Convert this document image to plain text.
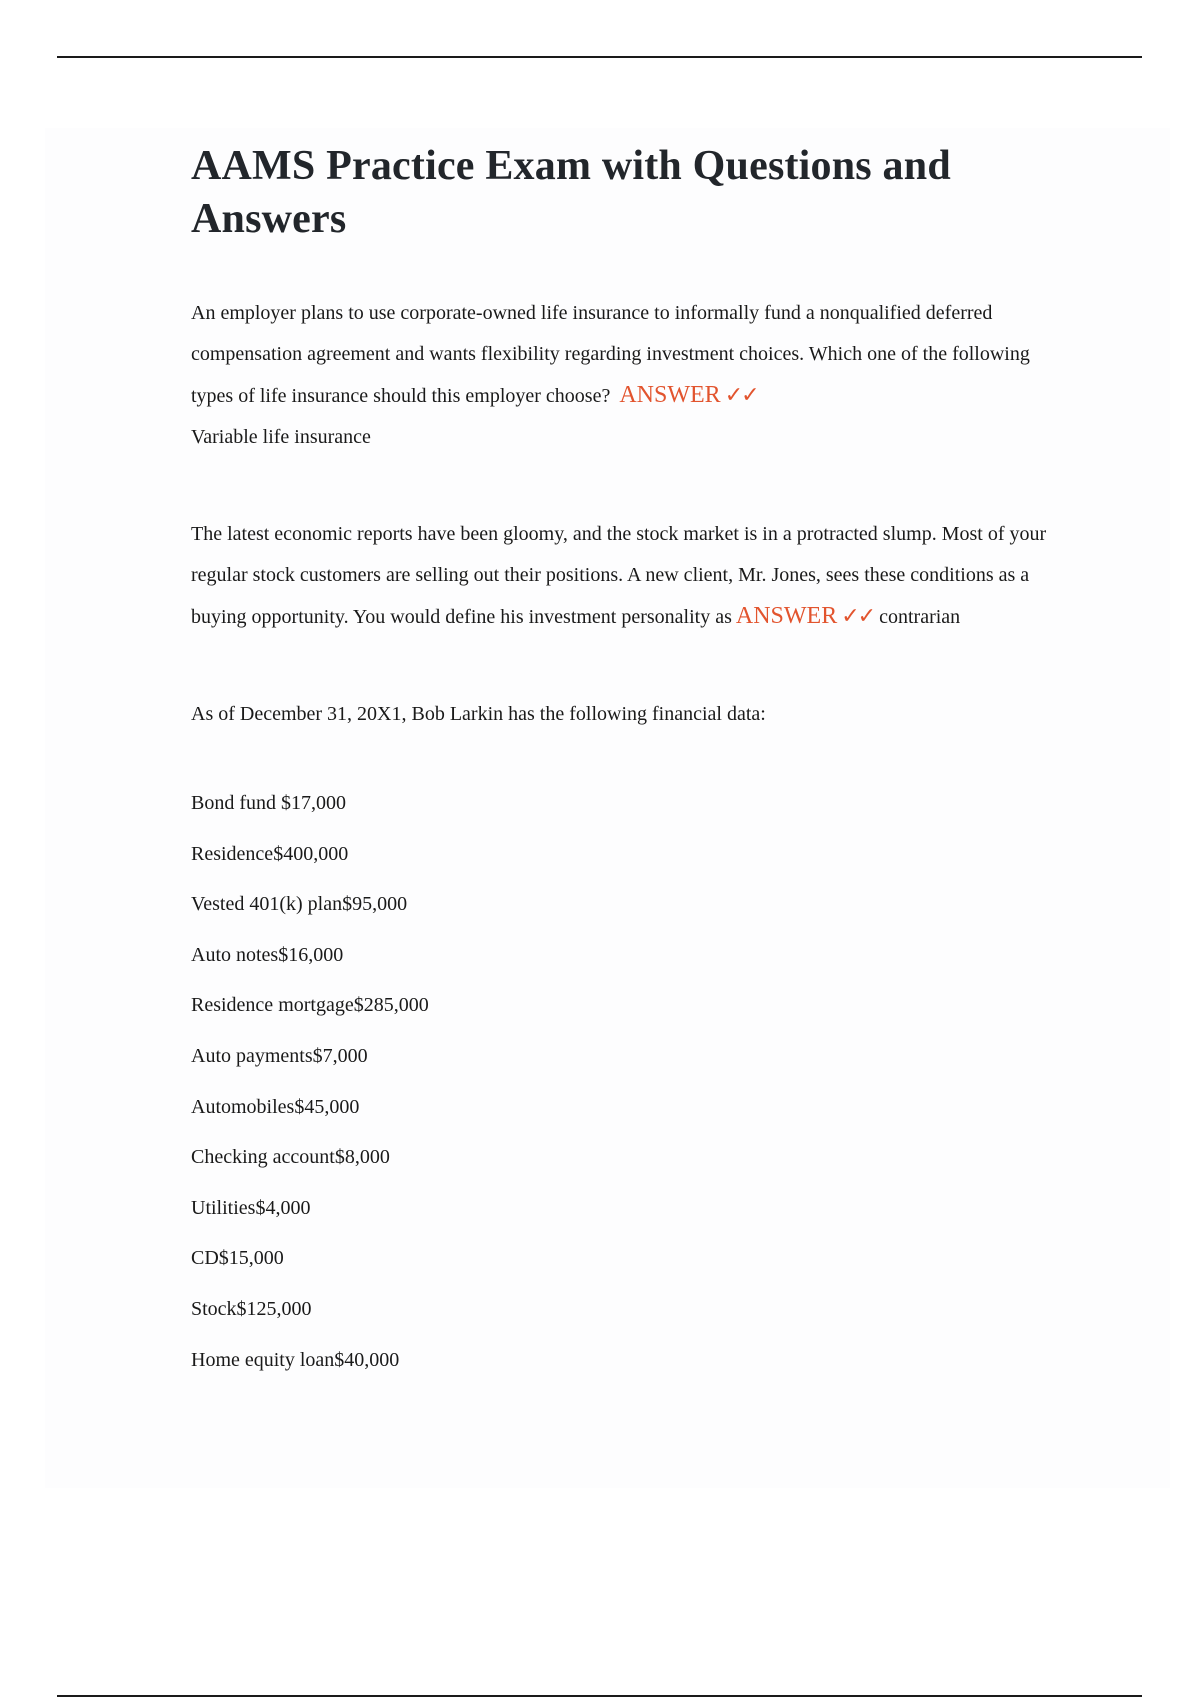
AAMS Practice Exam with Questions and Answers

An employer plans to use corporate-owned life insurance to informally fund a nonqualified deferred compensation agreement and wants flexibility regarding investment choices. Which one of the following types of life insurance should this employer choose? ANSWER ✓✓

Variable life insurance

The latest economic reports have been gloomy, and the stock market is in a protracted slump. Most of your regular stock customers are selling out their positions. A new client, Mr. Jones, sees these conditions as a buying opportunity. You would define his investment personality as ANSWER ✓✓ contrarian

As of December 31, 20X1, Bob Larkin has the following financial data:

Bond fund $17,000
Residence$400,000
Vested 401(k) plan$95,000
Auto notes$16,000
Residence mortgage$285,000
Auto payments$7,000
Automobiles$45,000
Checking account$8,000
Utilities$4,000
CD$15,000
Stock$125,000
Home equity loan$40,000
